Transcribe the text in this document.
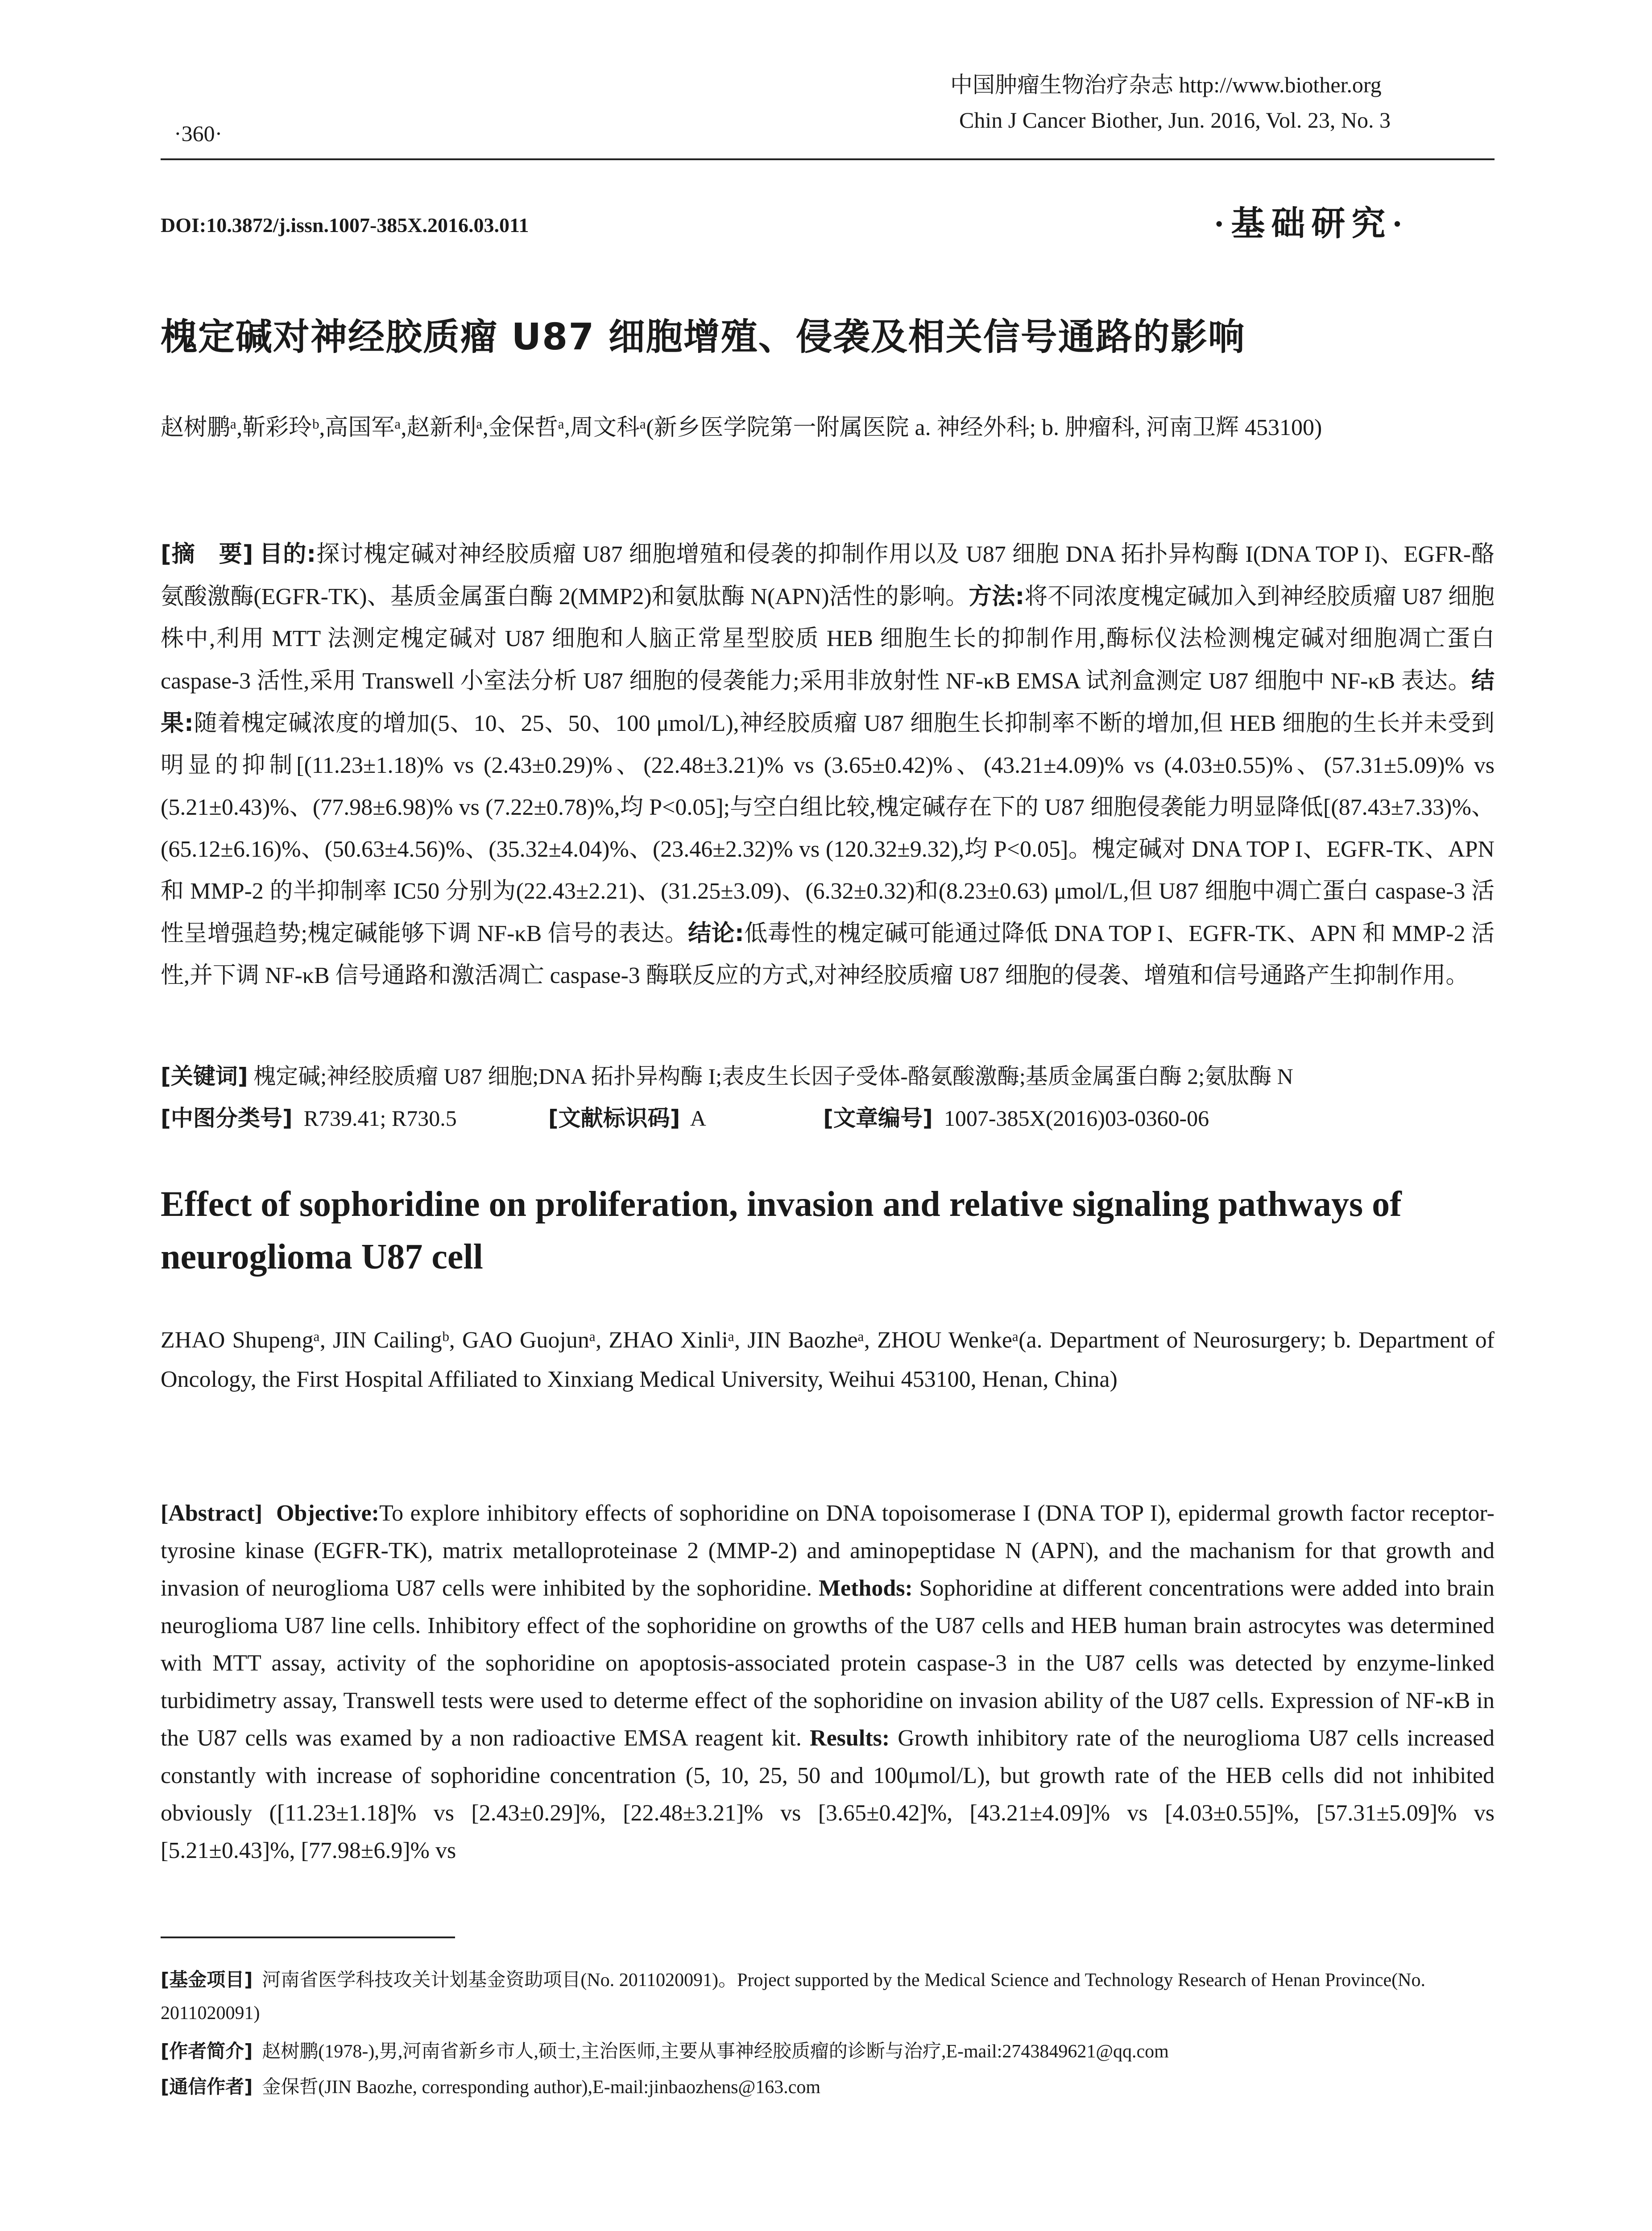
中国肿瘤生物治疗杂志 http://www.biother.org
Chin J Cancer Biother, Jun. 2016, Vol. 23, No. 3
·360·
DOI:10.3872/j.issn.1007-385X.2016.03.011	·基础研究·
槐定碱对神经胶质瘤 U87 细胞增殖、侵袭及相关信号通路的影响
赵树鹏ᵃ,靳彩玲ᵇ,高国军ᵃ,赵新利ᵃ,金保哲ᵃ,周文科ᵃ(新乡医学院第一附属医院 a. 神经外科; b. 肿瘤科, 河南卫辉 453100)
[摘　要] 目的:探讨槐定碱对神经胶质瘤 U87 细胞增殖和侵袭的抑制作用以及 U87 细胞 DNA 拓扑异构酶 I(DNA TOP I)、EGFR-酪氨酸激酶(EGFR-TK)、基质金属蛋白酶 2(MMP2)和氨肽酶 N(APN)活性的影响。方法:将不同浓度槐定碱加入到神经胶质瘤 U87 细胞株中,利用 MTT 法测定槐定碱对 U87 细胞和人脑正常星型胶质 HEB 细胞生长的抑制作用,酶标仪法检测槐定碱对细胞凋亡蛋白 caspase-3 活性,采用 Transwell 小室法分析 U87 细胞的侵袭能力;采用非放射性 NF-κB EMSA 试剂盒测定 U87 细胞中 NF-κB 表达。结果:随着槐定碱浓度的增加(5、10、25、50、100 μmol/L),神经胶质瘤 U87 细胞生长抑制率不断的增加,但 HEB 细胞的生长并未受到明显的抑制[(11.23±1.18)% vs (2.43±0.29)%、(22.48±3.21)% vs (3.65±0.42)%、(43.21±4.09)% vs (4.03±0.55)%、(57.31±5.09)% vs (5.21±0.43)%、(77.98±6.98)% vs (7.22±0.78)%,均 P<0.05];与空白组比较,槐定碱存在下的 U87 细胞侵袭能力明显降低[(87.43±7.33)%、(65.12±6.16)%、(50.63±4.56)%、(35.32±4.04)%、(23.46±2.32)% vs (120.32±9.32),均 P<0.05]。槐定碱对 DNA TOP I、EGFR-TK、APN 和 MMP-2 的半抑制率 IC50 分别为(22.43±2.21)、(31.25±3.09)、(6.32±0.32)和(8.23±0.63) μmol/L,但 U87 细胞中凋亡蛋白 caspase-3 活性呈增强趋势;槐定碱能够下调 NF-κB 信号的表达。结论:低毒性的槐定碱可能通过降低 DNA TOP I、EGFR-TK、APN 和 MMP-2 活性,并下调 NF-κB 信号通路和激活凋亡 caspase-3 酶联反应的方式,对神经胶质瘤 U87 细胞的侵袭、增殖和信号通路产生抑制作用。
[关键词] 槐定碱;神经胶质瘤 U87 细胞;DNA 拓扑异构酶 I;表皮生长因子受体-酪氨酸激酶;基质金属蛋白酶 2;氨肽酶 N
[中图分类号] R739.41; R730.5	[文献标识码] A	[文章编号] 1007-385X(2016)03-0360-06
Effect of sophoridine on proliferation, invasion and relative signaling pathways of neuroglioma U87 cell
ZHAO Shupengᵃ, JIN Cailingᵇ, GAO Guojunᵃ, ZHAO Xinliᵃ, JIN Baozheᵃ, ZHOU Wenkeᵃ(a. Department of Neurosurgery; b. Department of Oncology, the First Hospital Affiliated to Xinxiang Medical University, Weihui 453100, Henan, China)
[Abstract] Objective:To explore inhibitory effects of sophoridine on DNA topoisomerase I (DNA TOP I), epidermal growth factor receptor-tyrosine kinase (EGFR-TK), matrix metalloproteinase 2 (MMP-2) and aminopeptidase N (APN), and the machanism for that growth and invasion of neuroglioma U87 cells were inhibited by the sophoridine. Methods: Sophoridine at different concentrations were added into brain neuroglioma U87 line cells. Inhibitory effect of the sophoridine on growths of the U87 cells and HEB human brain astrocytes was determined with MTT assay, activity of the sophoridine on apoptosis-associated protein caspase-3 in the U87 cells was detected by enzyme-linked turbidimetry assay, Transwell tests were used to determe effect of the sophoridine on invasion ability of the U87 cells. Expression of NF-κB in the U87 cells was examed by a non radioactive EMSA reagent kit. Results: Growth inhibitory rate of the neuroglioma U87 cells increased constantly with increase of sophoridine concentration (5, 10, 25, 50 and 100μmol/L), but growth rate of the HEB cells did not inhibited obviously ([11.23±1.18]% vs [2.43±0.29]%, [22.48±3.21]% vs [3.65±0.42]%, [43.21±4.09]% vs [4.03±0.55]%, [57.31±5.09]% vs [5.21±0.43]%, [77.98±6.9]% vs
[基金项目] 河南省医学科技攻关计划基金资助项目(No. 2011020091)。Project supported by the Medical Science and Technology Research of Henan Province(No. 2011020091)
[作者简介] 赵树鹏(1978-),男,河南省新乡市人,硕士,主治医师,主要从事神经胶质瘤的诊断与治疗,E-mail:2743849621@qq.com
[通信作者] 金保哲(JIN Baozhe, corresponding author),E-mail:jinbaozhens@163.com
